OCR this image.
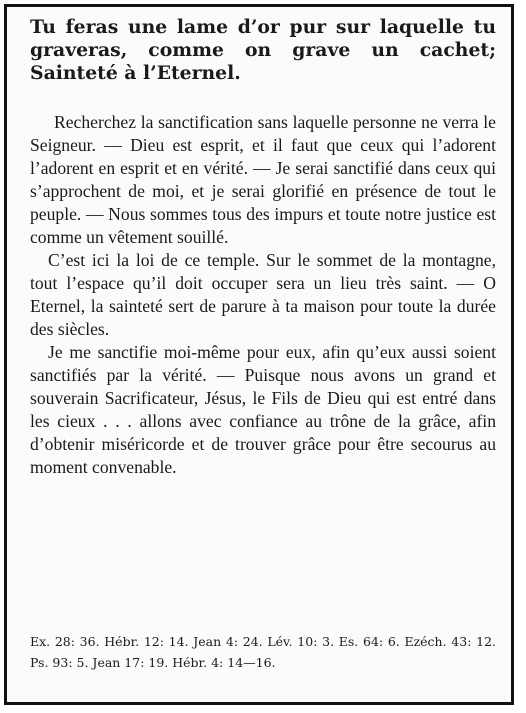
Tu feras une lame d’or pur sur laquelle tu graveras, comme on grave un cachet; Sainteté à l’Eternel.

Recherchez la sanctification sans laquelle personne ne verra le Seigneur. — Dieu est esprit, et il faut que ceux qui l’adorent l’adorent en esprit et en vérité. — Je serai sanctifié dans ceux qui s’approchent de moi, et je serai glorifié en présence de tout le peuple. — Nous sommes tous des impurs et toute notre justice est comme un vêtement souillé.

C’est ici la loi de ce temple. Sur le sommet de la montagne, tout l’espace qu’il doit occuper sera un lieu très saint. — O Eternel, la sainteté sert de parure à ta maison pour toute la durée des siècles.

Je me sanctifie moi-même pour eux, afin qu’eux aussi soient sanctifiés par la vérité. — Puisque nous avons un grand et souverain Sacrificateur, Jésus, le Fils de Dieu qui est entré dans les cieux . . . allons avec confiance au trône de la grâce, afin d’obtenir miséricorde et de trouver grâce pour être secourus au moment convenable.

Ex. 28: 36. Hébr. 12: 14. Jean 4: 24. Lév. 10: 3. Es. 64: 6. Ezéch. 43: 12. Ps. 93: 5. Jean 17: 19. Hébr. 4: 14—16.
